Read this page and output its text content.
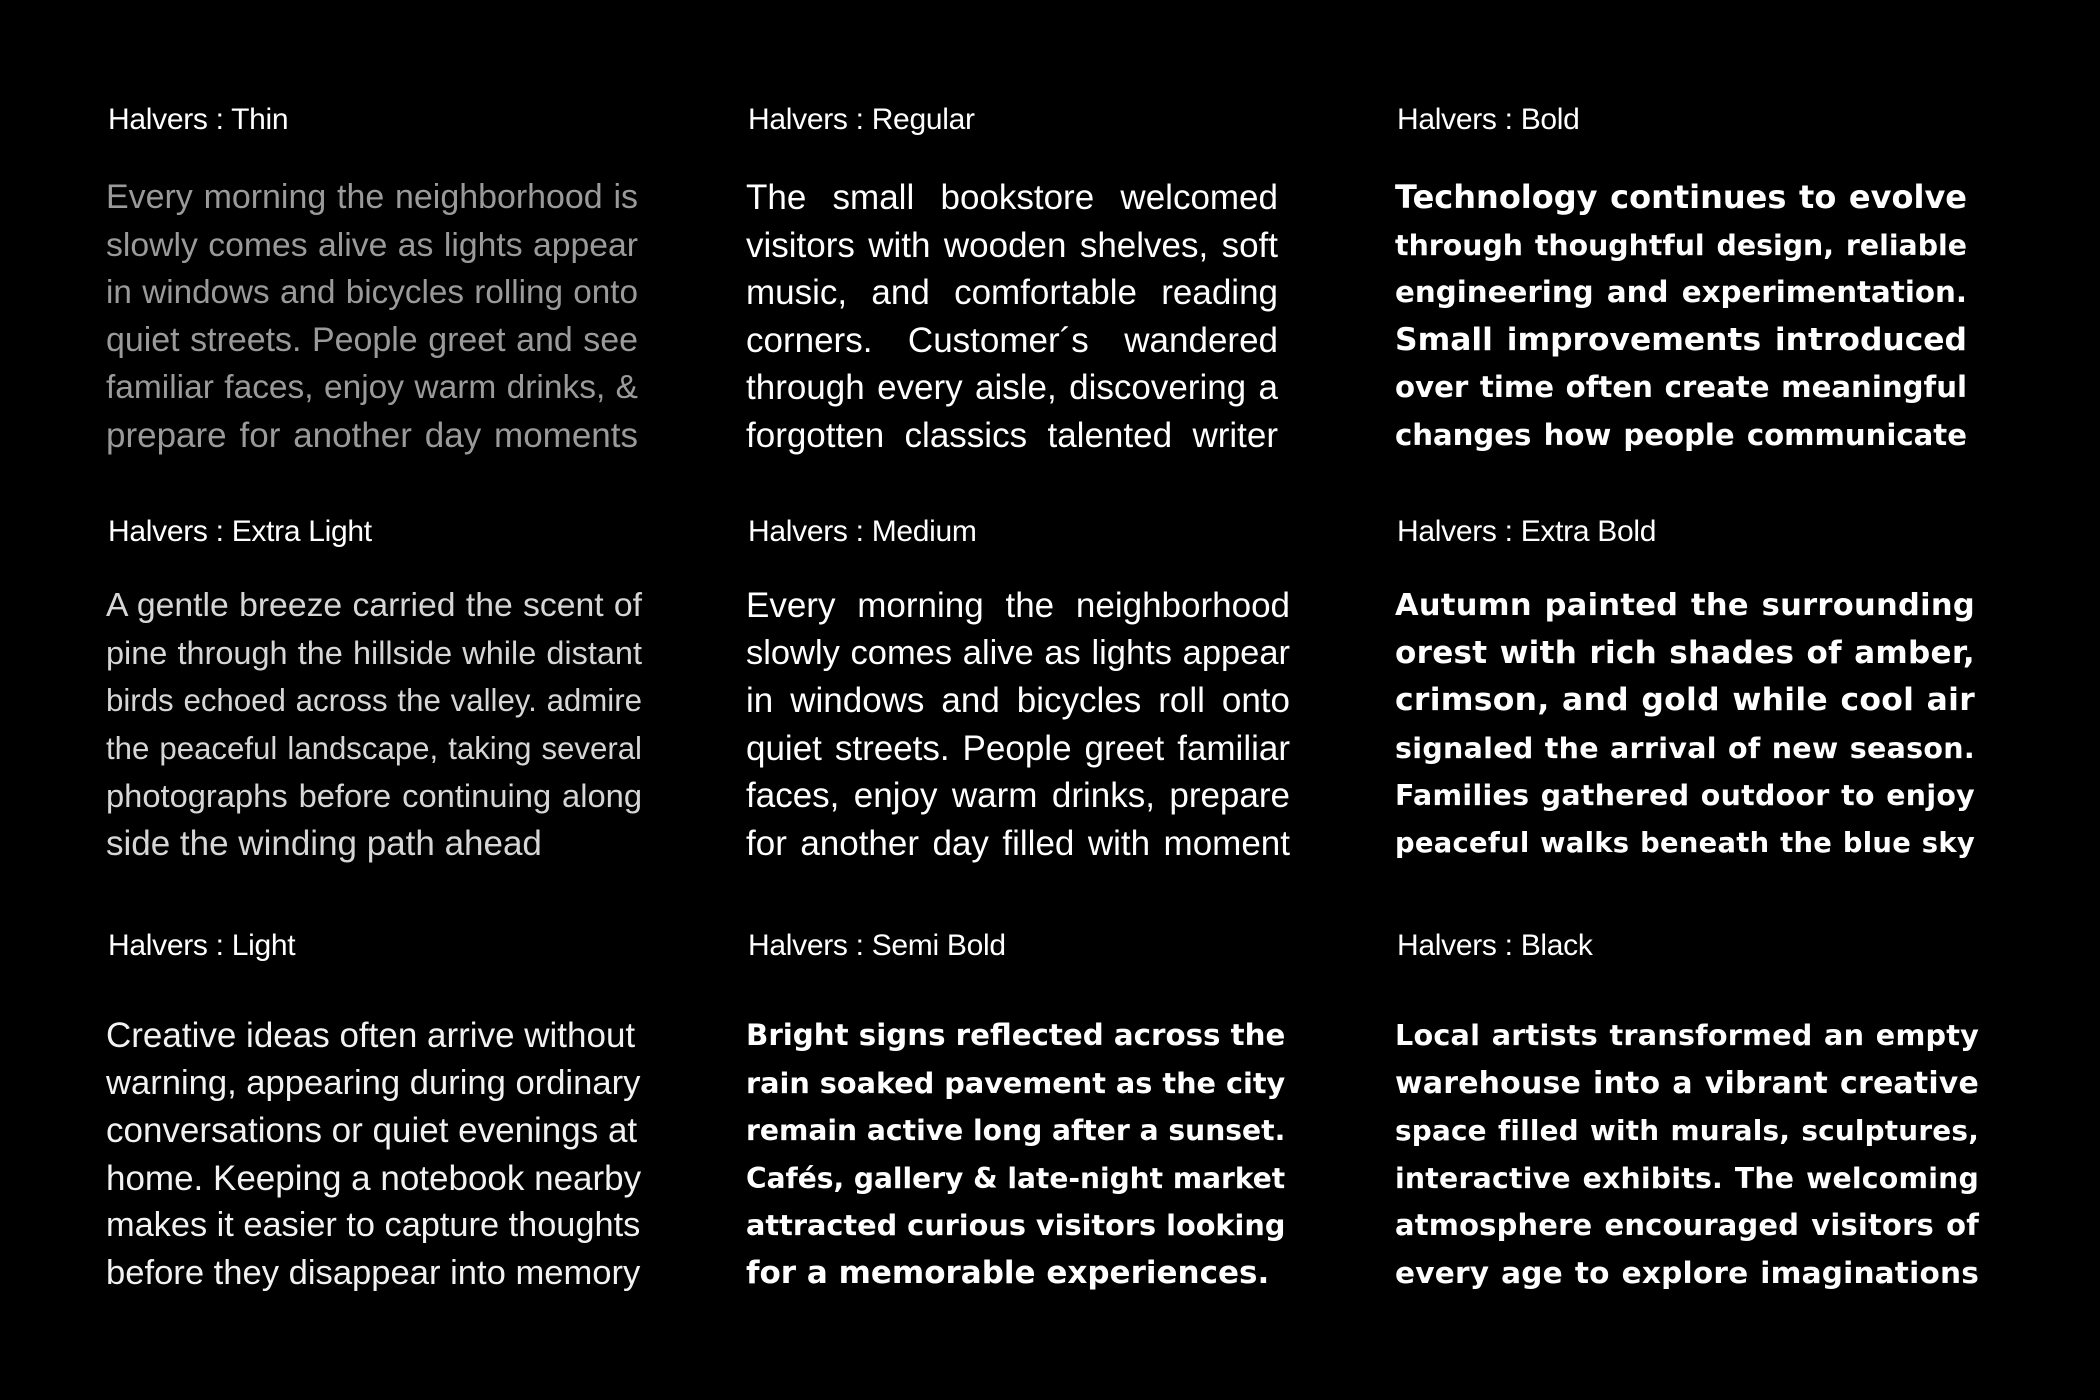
Halvers : Thin
Every morning the neighborhood is
slowly comes alive as lights appear
in windows and bicycles rolling onto
quiet streets. People greet and see
familiar faces, enjoy warm drinks, &
prepare for another day moments
Halvers : Regular
The small bookstore welcomed
visitors with wooden shelves, soft
music, and comfortable reading
corners. Customer´s wandered
through every aisle, discovering a
forgotten classics talented writer
Halvers : Bold
Technology continues to evolve
through thoughtful design, reliable
engineering and experimentation.
Small improvements introduced
over time often create meaningful
changes how people communicate
Halvers : Extra Light
A gentle breeze carried the scent of
pine through the hillside while distant
birds echoed across the valley. admire
the peaceful landscape, taking several
photographs before continuing along
side the winding path ahead
Halvers : Medium
Every morning the neighborhood
slowly comes alive as lights appear
in windows and bicycles roll onto
quiet streets. People greet familiar
faces, enjoy warm drinks, prepare
for another day filled with moment
Halvers : Extra Bold
Autumn painted the surrounding
orest with rich shades of amber,
crimson, and gold while cool air
signaled the arrival of new season.
Families gathered outdoor to enjoy
peaceful walks beneath the blue sky
Halvers : Light
Creative ideas often arrive without
warning, appearing during ordinary
conversations or quiet evenings at
home. Keeping a notebook nearby
makes it easier to capture thoughts
before they disappear into memory
Halvers : Semi Bold
Bright signs reflected across the
rain soaked pavement as the city
remain active long after a sunset.
Cafés, gallery & late-night market
attracted curious visitors looking
for a memorable experiences.
Halvers : Black
Local artists transformed an empty
warehouse into a vibrant creative
space filled with murals, sculptures,
interactive exhibits. The welcoming
atmosphere encouraged visitors of
every age to explore imaginations
